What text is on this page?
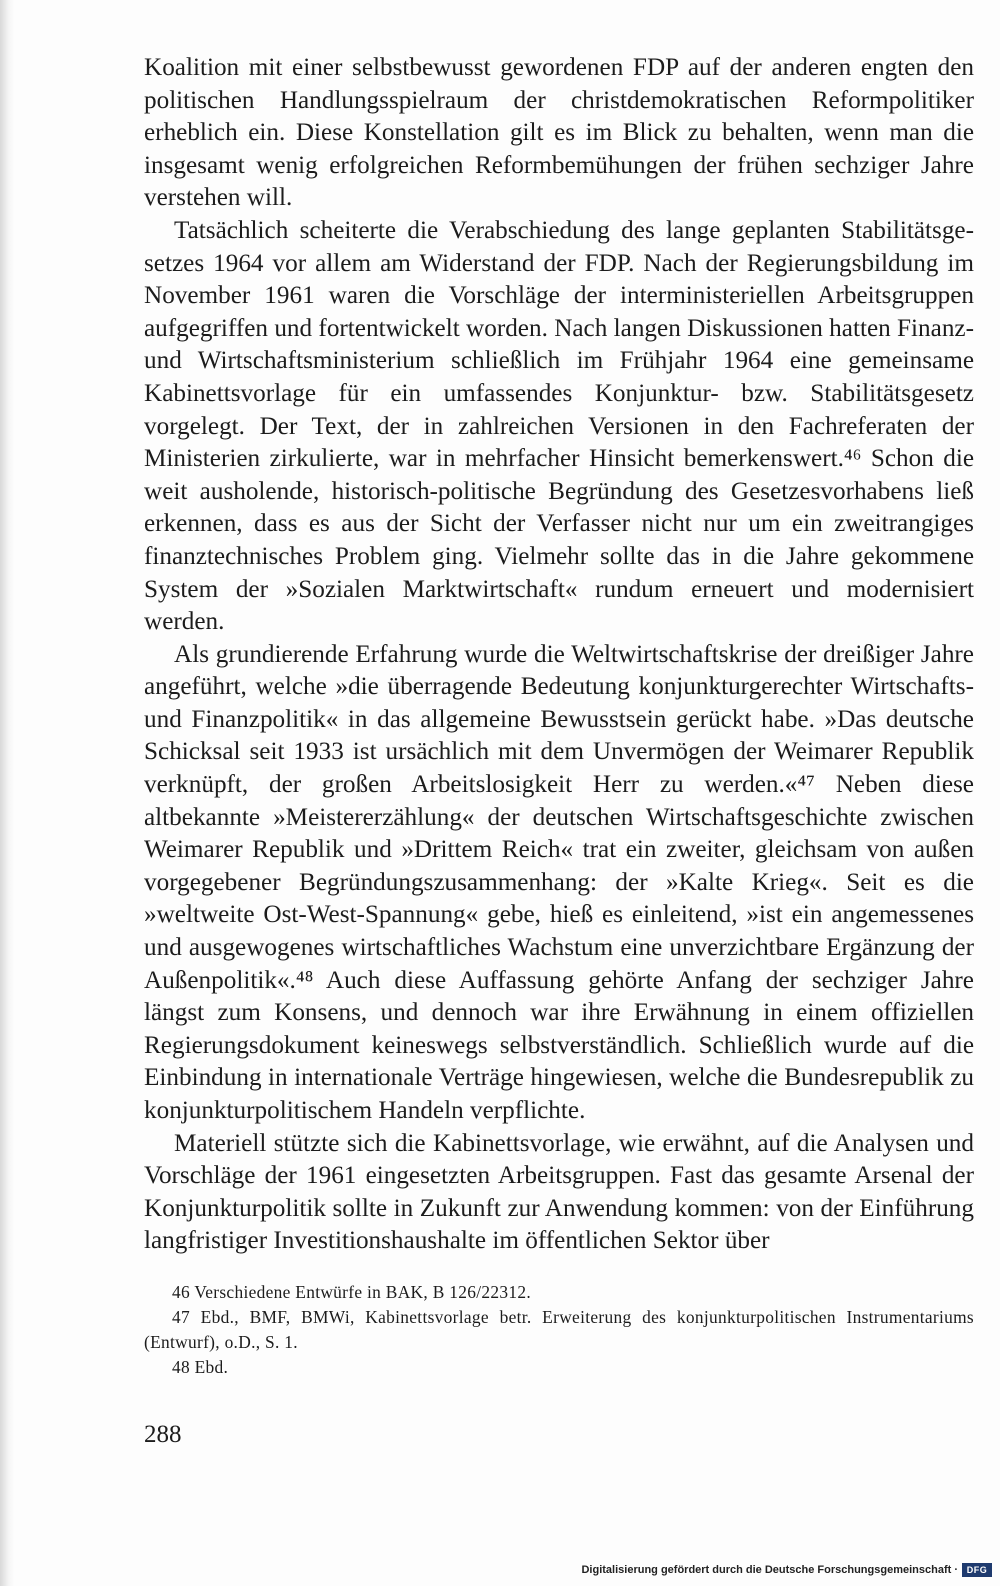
Koalition mit einer selbstbewusst gewordenen FDP auf der anderen engten den politischen Handlungsspielraum der christdemokratischen Reformpolitiker erheblich ein. Diese Konstellation gilt es im Blick zu behalten, wenn man die insgesamt wenig erfolgreichen Reformbemühungen der frühen sechziger Jahre verstehen will.

Tatsächlich scheiterte die Verabschiedung des lange geplanten Stabilitätsgesetzes 1964 vor allem am Widerstand der FDP. Nach der Regierungsbildung im November 1961 waren die Vorschläge der interministeriellen Arbeitsgruppen aufgegriffen und fortentwickelt worden. Nach langen Diskussionen hatten Finanz- und Wirtschaftsministerium schließlich im Frühjahr 1964 eine gemeinsame Kabinettsvorlage für ein umfassendes Konjunktur- bzw. Stabilitätsgesetz vorgelegt. Der Text, der in zahlreichen Versionen in den Fachreferaten der Ministerien zirkulierte, war in mehrfacher Hinsicht bemerkenswert.⁴⁶ Schon die weit ausholende, historisch-politische Begründung des Gesetzesvorhabens ließ erkennen, dass es aus der Sicht der Verfasser nicht nur um ein zweitrangiges finanztechnisches Problem ging. Vielmehr sollte das in die Jahre gekommene System der »Sozialen Marktwirtschaft« rundum erneuert und modernisiert werden.

Als grundierende Erfahrung wurde die Weltwirtschaftskrise der dreißiger Jahre angeführt, welche »die überragende Bedeutung konjunkturgerechter Wirtschafts- und Finanzpolitik« in das allgemeine Bewusstsein gerückt habe. »Das deutsche Schicksal seit 1933 ist ursächlich mit dem Unvermögen der Weimarer Republik verknüpft, der großen Arbeitslosigkeit Herr zu werden.«⁴⁷ Neben diese altbekannte »Meistererzählung« der deutschen Wirtschaftsgeschichte zwischen Weimarer Republik und »Drittem Reich« trat ein zweiter, gleichsam von außen vorgegebener Begründungszusammenhang: der »Kalte Krieg«. Seit es die »weltweite Ost-West-Spannung« gebe, hieß es einleitend, »ist ein angemessenes und ausgewogenes wirtschaftliches Wachstum eine unverzichtbare Ergänzung der Außenpolitik«.⁴⁸ Auch diese Auffassung gehörte Anfang der sechziger Jahre längst zum Konsens, und dennoch war ihre Erwähnung in einem offiziellen Regierungsdokument keineswegs selbstverständlich. Schließlich wurde auf die Einbindung in internationale Verträge hingewiesen, welche die Bundesrepublik zu konjunkturpolitischem Handeln verpflichte.

Materiell stützte sich die Kabinettsvorlage, wie erwähnt, auf die Analysen und Vorschläge der 1961 eingesetzten Arbeitsgruppen. Fast das gesamte Arsenal der Konjunkturpolitik sollte in Zukunft zur Anwendung kommen: von der Einführung langfristiger Investitionshaushalte im öffentlichen Sektor über

46 Verschiedene Entwürfe in BAK, B 126/22312.

47 Ebd., BMF, BMWi, Kabinettsvorlage betr. Erweiterung des konjunkturpolitischen Instrumentariums (Entwurf), o.D., S. 1.

48 Ebd.

288
Digitalisierung gefördert durch die Deutsche Forschungsgemeinschaft · DFG
